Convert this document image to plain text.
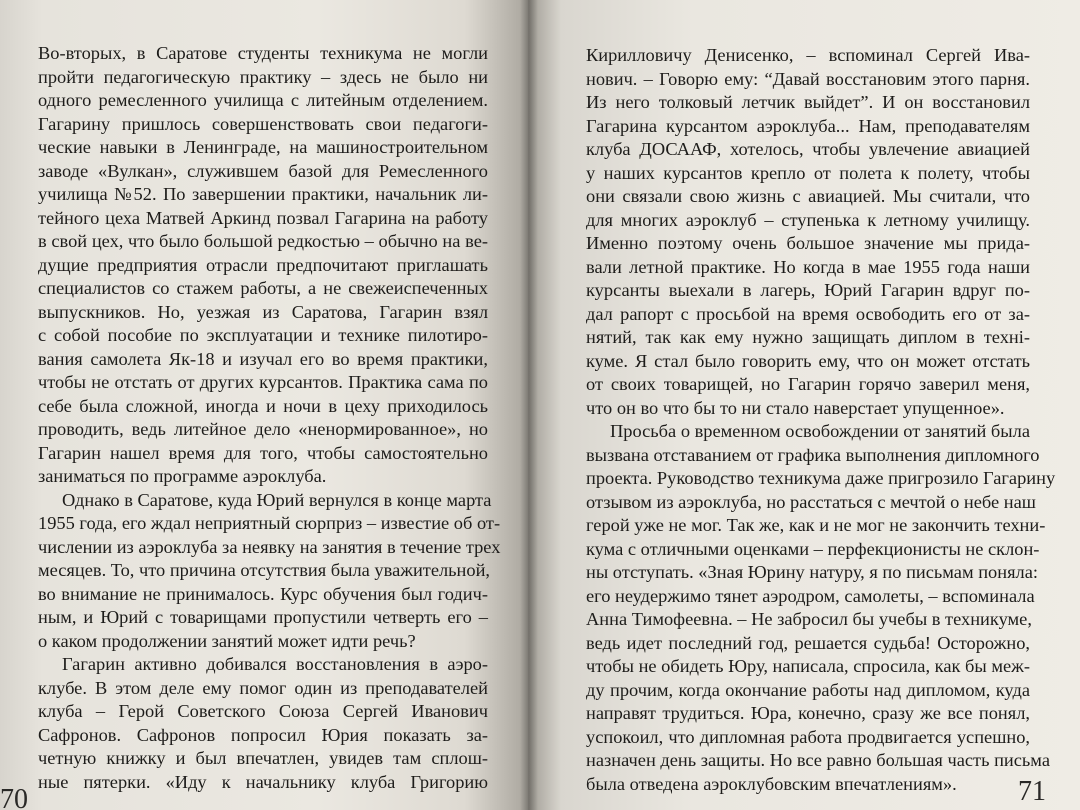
Во-вторых, в Саратове студенты техникума не могли
пройти педагогическую практику – здесь не было ни
одного ремесленного училища с литейным отделением.
Гагарину пришлось совершенствовать свои педагоги-
ческие навыки в Ленинграде, на машиностроительном
заводе «Вулкан», служившем базой для Ремесленного
училища №52. По завершении практики, начальник ли-
тейного цеха Матвей Аркинд позвал Гагарина на работу
в свой цех, что было большой редкостью – обычно на ве-
дущие предприятия отрасли предпочитают приглашать
специалистов со стажем работы, а не свежеиспеченных
выпускников. Но, уезжая из Саратова, Гагарин взял
с собой пособие по эксплуатации и технике пилотиро-
вания самолета Як-18 и изучал его во время практики,
чтобы не отстать от других курсантов. Практика сама по
себе была сложной, иногда и ночи в цеху приходилось
проводить, ведь литейное дело «ненормированное», но
Гагарин нашел время для того, чтобы самостоятельно
заниматься по программе аэроклуба.
Однако в Саратове, куда Юрий вернулся в конце марта
1955 года, его ждал неприятный сюрприз – известие об от-
числении из аэроклуба за неявку на занятия в течение трех
месяцев. То, что причина отсутствия была уважительной,
во внимание не принималось. Курс обучения был годич-
ным, и Юрий с товарищами пропустили четверть его –
о каком продолжении занятий может идти речь?
Гагарин активно добивался восстановления в аэро-
клубе. В этом деле ему помог один из преподавателей
клуба – Герой Советского Союза Сергей Иванович
Сафронов. Сафронов попросил Юрия показать за-
четную книжку и был впечатлен, увидев там сплош-
ные пятерки. «Иду к начальнику клуба Григорию
70	71
Кирилловичу Денисенко, – вспоминал Сергей Ива-
нович. – Говорю ему: “Давай восстановим этого парня.
Из него толковый летчик выйдет”. И он восстановил
Гагарина курсантом аэроклуба... Нам, преподавателям
клуба ДОСААФ, хотелось, чтобы увлечение авиацией
у наших курсантов крепло от полета к полету, чтобы
они связали свою жизнь с авиацией. Мы считали, что
для многих аэроклуб – ступенька к летному училищу.
Именно поэтому очень большое значение мы прида-
вали летной практике. Но когда в мае 1955 года наши
курсанты выехали в лагерь, Юрий Гагарин вдруг по-
дал рапорт с просьбой на время освободить его от за-
нятий, так как ему нужно защищать диплом в технi-
куме. Я стал было говорить ему, что он может отстать
от своих товарищей, но Гагарин горячо заверил меня,
что он во что бы то ни стало наверстает упущенное».
Просьба о временном освобождении от занятий была
вызвана отставанием от графика выполнения дипломного
проекта. Руководство техникума даже пригрозило Гагарину
отзывом из аэроклуба, но расстаться с мечтой о небе наш
герой уже не мог. Так же, как и не мог не закончить техни-
кума с отличными оценками – перфекционисты не склон-
ны отступать. «Зная Юрину натуру, я по письмам поняла:
его неудержимо тянет аэродром, самолеты, – вспоминала
Анна Тимофеевна. – Не забросил бы учебы в техникуме,
ведь идет последний год, решается судьба! Осторожно,
чтобы не обидеть Юру, написала, спросила, как бы меж-
ду прочим, когда окончание работы над дипломом, куда
направят трудиться. Юра, конечно, сразу же все понял,
успокоил, что дипломная работа продвигается успешно,
назначен день защиты. Но все равно большая часть письма
была отведена аэроклубовским впечатлениям».
